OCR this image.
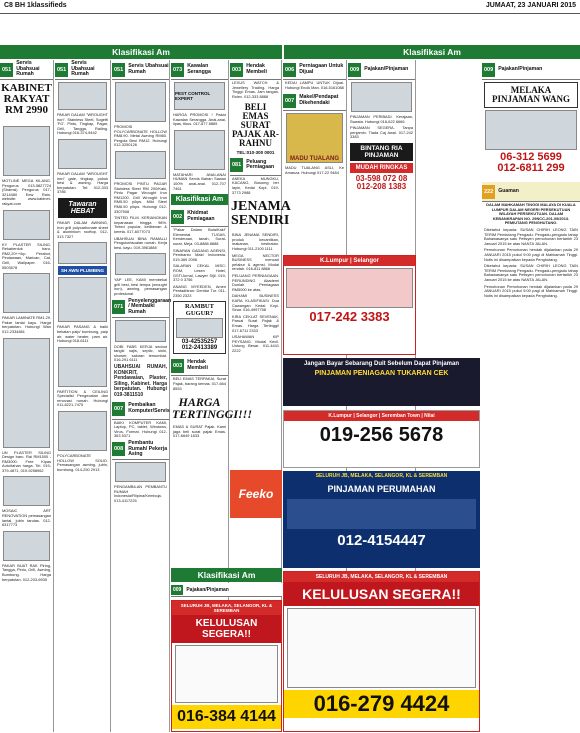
C8 BH 1klassifieds	JUMAAT, 23 JANUARI 2015
Klasifikasi Am	Klasifikasi Am
051
Servis Ubahsuai Rumah
KABINET RAKYAT RM 2990
MOTLINE MEGA KILANG. Pengurus 013-5827724 (Shamsi) Pengurus 017-3214460 Eew Rain. website: www.kabinet-rakyat.com
KY PLASTER SILING. Rekabentuk baru. RM2,20++/kp. Perabot, Pindawaan, Marican, Cat, Grill, Wallpaper. 016-5503578
PAKAR LAMINATE RM1.29. Pakar lantai kayu. Harga berpatutan. Hubungi Wan 012-2334861
UN PLASTER SILING Design baru. Rai RM1500 - RM3000. Free Kipas Auto/tahan harga. Tel. 019-379-4871, 019-9258962
MOSAIC ART RENOVATION pemasangan lantai, jubin tandas. 012-6317773
PAKAR BUAT RAK Piring, Tangga, Pintu, Grill, Awning, Bumbung. Harga berpatutan. 012-203-6935
051
Servis Ubahsuai Rumah
PAKAR DALAM "WROUGHT iron". Stainless Steel, Sogetti 'FG'. Pintu, Tingkap, Pagar, Grill, Tangga, Railing. Hubungi 016-374-9442
PAKAR DALAM "WROUGHT iron" gate, tingkap, pokok besi & awning. Harga berpatutan. Tel: 012-333 3786
Tawaran HEBAT
PAKAR DALAM AWNING, Iron grill polycarbonate sheet & aluminium rooftop. 012-313 7327
SH AWN PLUMBING
PAKAR PASANG & baiki bekalan paip/ bumbung, paip air, water heater, pam air. Hubungi 018-6111
PARTITION & CEILING Specialist Pengecatan dan renovasi rumah. Hubungi 011-8221-7475
POLYCARBONATE HOLLOW SOLID. Pemasangan awning, jubin, bumbung. 014-250 2913
051
Servis Ubahsuai Rumah
PROMOSI POLYCARBONATE HOLLOW RM8.90. Metal Awning RM60. Pergola Besi RM12. Hubungi 012-3250126
PROMOSI PINTU PAGAR Stainless Steel RM 200/Kaki, Pintu Pagar Wrought Iron RM1200. Grill Wrought Iron RM5.50 p/kps. Mild Steel RM6.50 p/kps. Hubungi 012-3307508
TINTED FILM. KERIANGKAN kepanasan hingga 98%. Tinted popular, ketibenan & kereta. 017-6077073
UBAHSUAI BINA RAMALLI Pengubahsuaian rumah. Kerja besi, kayu. 019-3961888
YAP LEE, KAMI membekal grill besi, besi tempa (wrought iron), awning, pemasangan profesional.
071
Penyelenggaraan / Membaiki Rumah
DOBI FABS KERJA sedoot tangki najis, septic, sinki, shower, saluran tersumbat. 016-291 6111
UBAHSUAI RUMAH, KONKRIT, Pendawaian, Plaster, Siling, Kabinet. Harga berpatutan. Hubungi 019-3811510
007
Pembaikan Komputer/Servis
BAIKI KOMPUTER KAMI, Laptop, PC, tablet, Windows, Virus, Format. Hubungi 012-363 5371
008
Pembantu Rumah/ Pekerja Asing
PENGAMBILAN PEMBANTU RUMAH Indonesia/Filipina/Kemboja. 013-4117225
073
Kawalan Serangga
PEST CONTROL EXPERT
HARGA PROMOSI ! Pakar Kawalan Serangga. Anai-anai, lipas, tikus. 017-877 8869
MATAHARI ANAI-ANAI HUMAN Servis Bahan Sawan 100% anai-anai. 012-707 7461
Klasifikasi Am
002
Khidmat Pemiagaan
"Pakar Dalam Bola/Kaki" Elemental. TUGAS, Kenderaan, tanah, Surat-surat, Meja. 03-8888 8888
SINARAN GADANG AGENSI, Pembantu Maid Indonesia. 019-369 2096
SALARAN CEKAL MISC: ROM, Lesen Hotel, GST/Jurnal, Lawyer Sijil. 019-372 0 3756
ANANG MYEEDEN, Amen Pentadbiran: Dentiar Tur. 011-2350 2323
RAMBUT GUGUR?
03-42535257 012-2413389
003
Hendak Membeli
BELI EMAS TERPAKAI, Surat Pajak, barang kemas. 017-664 8553
HARGA TERTINGGI!!!
EMAS & SURAT Pajak. Kami jaga beli surat pajak Emas. 017-6649 1833
003
Hendak Membeli
LEXUS WATCH & Jewellery Trading. Harga Tinggi: Emas, Jam tangan, Rolex. 012-333 8888
BELI EMAS SURAT PAJAK AR-RAHNU
TEL:010-300 0001
081
Peluang Perniagaan
ANEKA MUNGKU, KACANG, Bosomg ber layin, Kedai Kopi. 019-3773 2988
JENAMA SENDIRI
BINA JENAMA SENDIRI, produk kecantikan, makanan, kesihatan. Hubungi 011-2100 1111
MEGA NECTOR BUSINESS mencari pelabur & agensi. Modal rendah. 016-811 8866
PELUANG PERNIAGAAN. PERUNDING Akademi Duniah Perniagaan RM5000 ke atas.
DAHAMI BUSINESS KARA KLASIFIKASI Dua Cawangan Kedai Kopi. Sinar. 016-4997758
KIRA CEKLAT SEVENAK, Paruai Surat Pajak & Emas. Harga Tertinggi! 017-6711 2333
USAHAWAN KIP PEYSANG. Modal Kecil. Untung Besar. 011-4441 2222
006
Perniagaan Untuk Dijual
KEDAI LAMPU UNTUK Dijual. Hubungi Encik Man. 016-5161088
007
Makel/Pendapat Dikehendaki
MADU TUALANG
MADU TUALANG ASLI, Ke Amanza. Hubungi 017-22 9484
009 Pajakan/Pinjaman
PINJAMAN PERIBADI. Kerajaan, Swasta. Hubungi 016-622 6666
PINJAMAN SEGERA. Tanpa penjamin. Tiada Caj Awal. 017-242 3383
BINTANG RIA PINJAMAN
MUDAH RINGKAS
03-598 072 08
012-208 1383
K.Lumpur | Selangor
017-242 3383
Jangan Bayar Sebarang Duit Sebelum Dapat Pinjaman
PINJAMAN PENIAGAAN TUKARAN CEK
K.Lumpur | Selangor | Seremban Town | Nilai
019-256 5678
SELURUH JB, MELAKA, SELANGOR, KL & SEREMBAN
PINJAMAN PERUMAHAN
012-4154447
Feeko
Klasifikasi Am
009	Pajakan/Pinjaman
SELURUH JB, MELAKA, SELANGOR, KL & SEREMBAN
KELULUSAN SEGERA!!
016-384 4144
SELURUH JB, MELAKA, SELANGOR, KL & SEREMBAN
KELULUSAN SEGERA!!
016-279 4424
009 Pajakan/Pinjaman
MELAKA PINJAMAN WANG
06-312 5699
012-6811 299
222 Guaman
DALAM MAHKAMAH TINGGI MALAYA DI KUALA LUMPUR DALAM NEGERI PERSEKUTUAN WILAYAH PERSEKUTUAN. DALAM KEBANKRAPAN NO. 29NCC-201-09/2013. PEMIUTANG PENGHUTANG.
Diketahui kepada: SUSAN CHIRIH LEONG TAIN TERIM Pemiutang Pengadu. Pengadu-pengadu tahap Bahawasanya satu Petisyen pemohonan bertarikh 23 Januari 2015 ke atas NANTA JALAN.
Pemohonan Pemohonan hendak dijalankan pada 29 JANUARI 2015 pukul 9:00 pagi di Mahkamah Tinggi. Notis ini disampaikan kepada Penghutang.
Diketahui kepada: SUSAN CHIRIH LEONG TAIN TERIM Pemiutang Pengadu. Pengadu-pengadu tahap Bahawasanya satu Petisyen pemohonan bertarikh 23 Januari 2015 ke atas NANTA JALAN.
Pemohonan Pemohonan hendak dijalankan pada 29 JANUARI 2015 pukul 9:00 pagi di Mahkamah Tinggi. Notis ini disampaikan kepada Penghutang.
